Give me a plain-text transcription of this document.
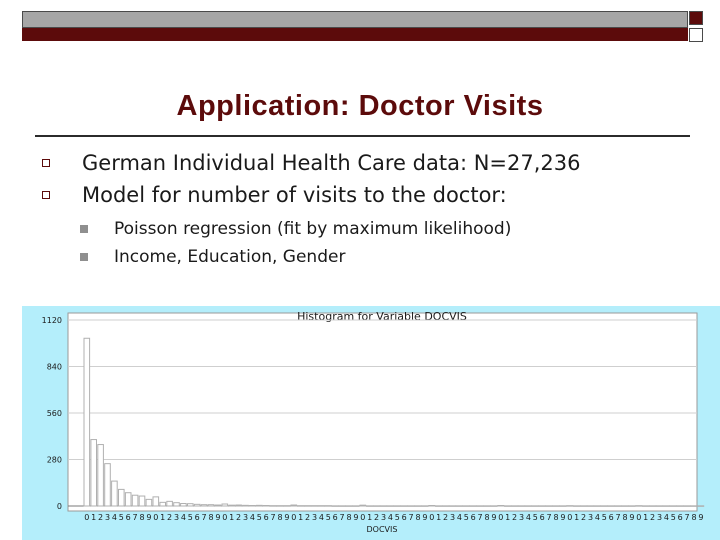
Application: Doctor Visits
German Individual Health Care data: N=27,236
Model for number of visits to the doctor:
Poisson regression (fit by maximum likelihood)
Income, Education, Gender
Histogram for Variable DOCVIS
DOCVIS
0
280
560
840
1120
0 1 2 3 4 5 6 7 8 9 0 1 2 3 4 5 6 7 8 9 0 1 2 3 4 5 6 7 8 9 0 1 2 3 4 5 6 7 8 9 0 1 2 3 4 5 6 7 8 9 0 1 2 3 4 5 6 7 8 9 0 1 2 3 4 5 6 7 8 9 0 1 2 3 4 5 6 7 8 9 0 1 2 3 4 5 6 7 8 9
